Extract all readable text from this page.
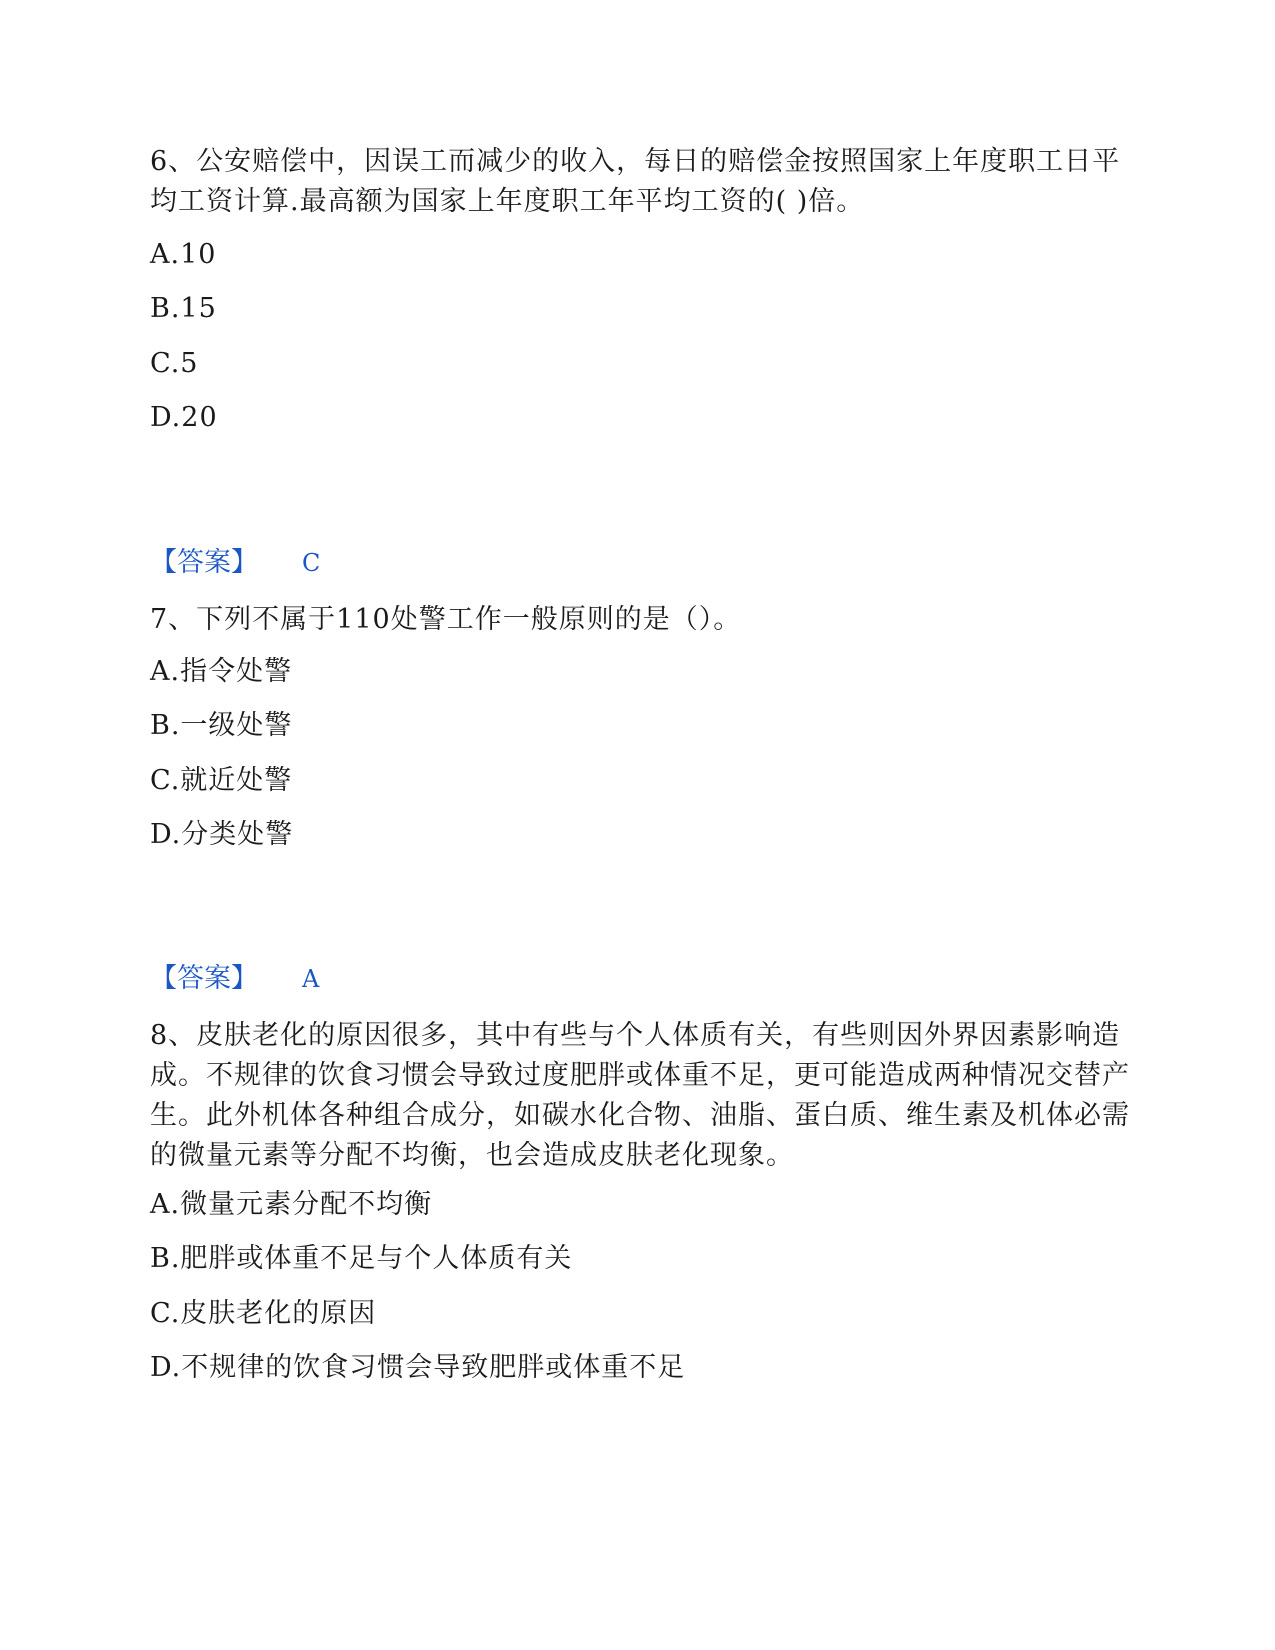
6、公安赔偿中，因误工而减少的收入，每日的赔偿金按照国家上年度职工日平均工资计算.最高额为国家上年度职工年平均工资的( )倍。
A.10
B.15
C.5
D.20
【答案】 C
7、下列不属于110处警工作一般原则的是（）。
A.指令处警
B.一级处警
C.就近处警
D.分类处警
【答案】 A
8、皮肤老化的原因很多，其中有些与个人体质有关，有些则因外界因素影响造成。不规律的饮食习惯会导致过度肥胖或体重不足，更可能造成两种情况交替产生。此外机体各种组合成分，如碳水化合物、油脂、蛋白质、维生素及机体必需的微量元素等分配不均衡，也会造成皮肤老化现象。
A.微量元素分配不均衡
B.肥胖或体重不足与个人体质有关
C.皮肤老化的原因
D.不规律的饮食习惯会导致肥胖或体重不足
